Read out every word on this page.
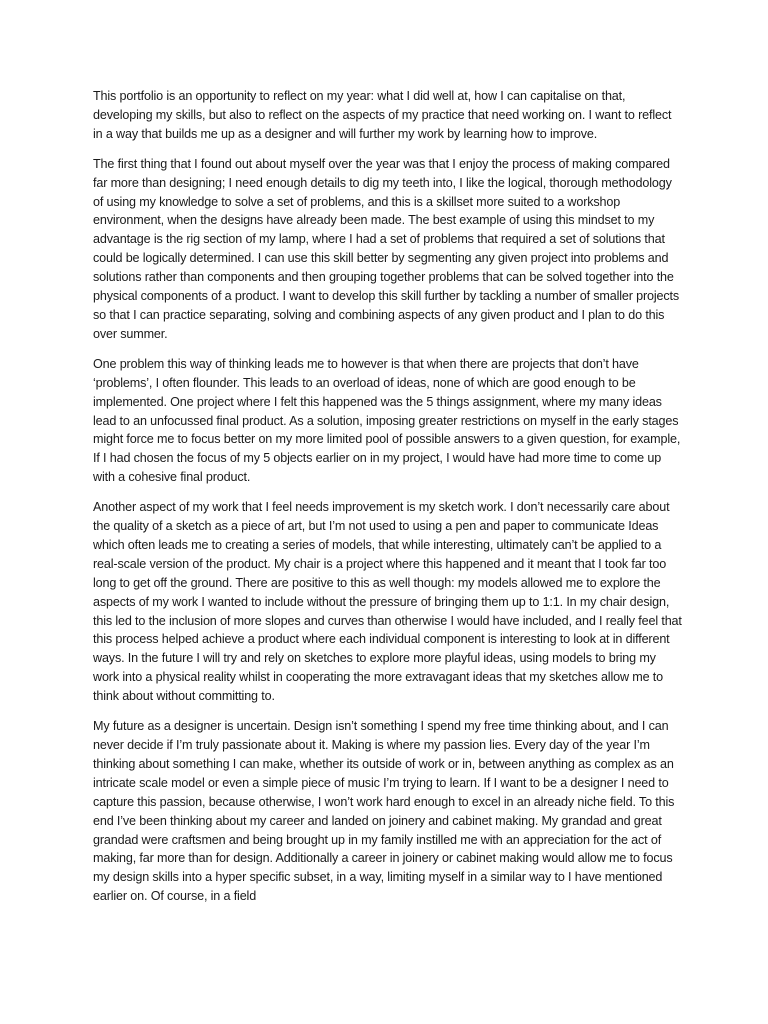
This portfolio is an opportunity to reflect on my year: what I did well at, how I can capitalise on that, developing my skills, but also to reflect on the aspects of my practice that need working on. I want to reflect in a way that builds me up as a designer and will further my work by learning how to improve.

The first thing that I found out about myself over the year was that I enjoy the process of making compared far more than designing; I need enough details to dig my teeth into, I like the logical, thorough methodology of using my knowledge to solve a set of problems, and this is a skillset more suited to a workshop environment, when the designs have already been made. The best example of using this mindset to my advantage is the rig section of my lamp, where I had a set of problems that required a set of solutions that could be logically determined. I can use this skill better by segmenting any given project into problems and solutions rather than components and then grouping together problems that can be solved together into the physical components of a product. I want to develop this skill further by tackling a number of smaller projects so that I can practice separating, solving and combining aspects of any given product and I plan to do this over summer.

One problem this way of thinking leads me to however is that when there are projects that don’t have ‘problems’, I often flounder. This leads to an overload of ideas, none of which are good enough to be implemented. One project where I felt this happened was the 5 things assignment, where my many ideas lead to an unfocussed final product. As a solution, imposing greater restrictions on myself in the early stages might force me to focus better on my more limited pool of possible answers to a given question, for example, If I had chosen the focus of my 5 objects earlier on in my project, I would have had more time to come up with a cohesive final product.

Another aspect of my work that I feel needs improvement is my sketch work. I don’t necessarily care about the quality of a sketch as a piece of art, but I’m not used to using a pen and paper to communicate Ideas which often leads me to creating a series of models, that while interesting, ultimately can’t be applied to a real-scale version of the product. My chair is a project where this happened and it meant that I took far too long to get off the ground. There are positive to this as well though: my models allowed me to explore the aspects of my work I wanted to include without the pressure of bringing them up to 1:1. In my chair design, this led to the inclusion of more slopes and curves than otherwise I would have included, and I really feel that this process helped achieve a product where each individual component is interesting to look at in different ways. In the future I will try and rely on sketches to explore more playful ideas, using models to bring my work into a physical reality whilst in cooperating the more extravagant ideas that my sketches allow me to think about without committing to.

My future as a designer is uncertain. Design isn’t something I spend my free time thinking about, and I can never decide if I’m truly passionate about it. Making is where my passion lies. Every day of the year I’m thinking about something I can make, whether its outside of work or in, between anything as complex as an intricate scale model or even a simple piece of music I’m trying to learn. If I want to be a designer I need to capture this passion, because otherwise, I won’t work hard enough to excel in an already niche field. To this end I’ve been thinking about my career and landed on joinery and cabinet making. My grandad and great grandad were craftsmen and being brought up in my family instilled me with an appreciation for the act of making, far more than for design. Additionally a career in joinery or cabinet making would allow me to focus my design skills into a hyper specific subset, in a way, limiting myself in a similar way to I have mentioned earlier on. Of course, in a field
